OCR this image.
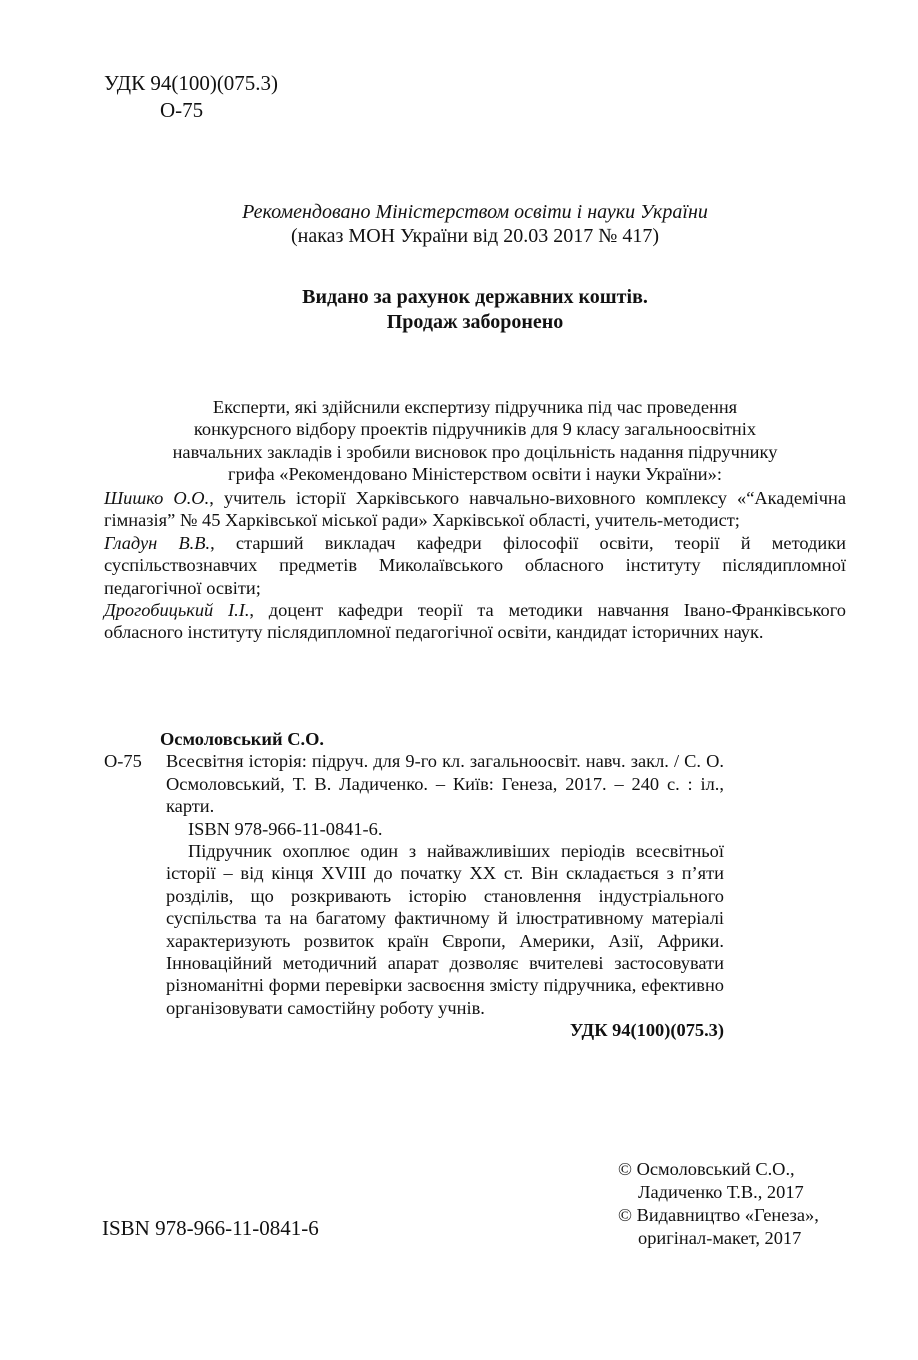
УДК 94(100)(075.3)
О-75
Рекомендовано Міністерством освіти і науки України
(наказ МОН України від 20.03 2017 № 417)
Видано за рахунок державних коштів.
Продаж заборонено
Експерти, які здійснили експертизу підручника під час проведення
конкурсного відбору проектів підручників для 9 класу загальноосвітніх
навчальних закладів і зробили висновок про доцільність надання підручнику
грифа «Рекомендовано Міністерством освіти і науки України»:

Шишко О.О., учитель історії Харківського навчально-виховного комплексу «“Академічна гімназія” № 45 Харківської міської ради» Харківської області, учитель-методист;

Гладун В.В., старший викладач кафедри філософії освіти, теорії й методики суспільствознавчих предметів Миколаївського обласного інституту післядипломної педагогічної освіти;

Дрогобицький І.І., доцент кафедри теорії та методики навчання Івано-Франківського обласного інституту післядипломної педагогічної освіти, кандидат історичних наук.

Осмоловський С.О.
О-75	Всесвітня історія: підруч. для 9-го кл. загальноосвіт. навч. закл. / С. О. Осмоловський, Т. В. Ладиченко. – Київ: Генеза, 2017. – 240 с. : іл., карти.

ISBN 978-966-11-0841-6.

Підручник охоплює один з найважливіших періодів всесвітньої історії – від кінця XVIII до початку XX ст. Він складається з п’яти розділів, що розкривають історію становлення індустріального суспільства та на багатому фактичному й ілюстративному матеріалі характеризують розвиток країн Європи, Америки, Азії, Африки. Інноваційний методичний апарат дозволяє вчителеві застосовувати різноманітні форми перевірки засвоєння змісту підручника, ефективно організовувати самостійну роботу учнів.

УДК 94(100)(075.3)

ISBN 978-966-11-0841-6
© Осмоловський С.О.,
Ладиченко Т.В., 2017
© Видавництво «Генеза»,
оригінал-макет, 2017
